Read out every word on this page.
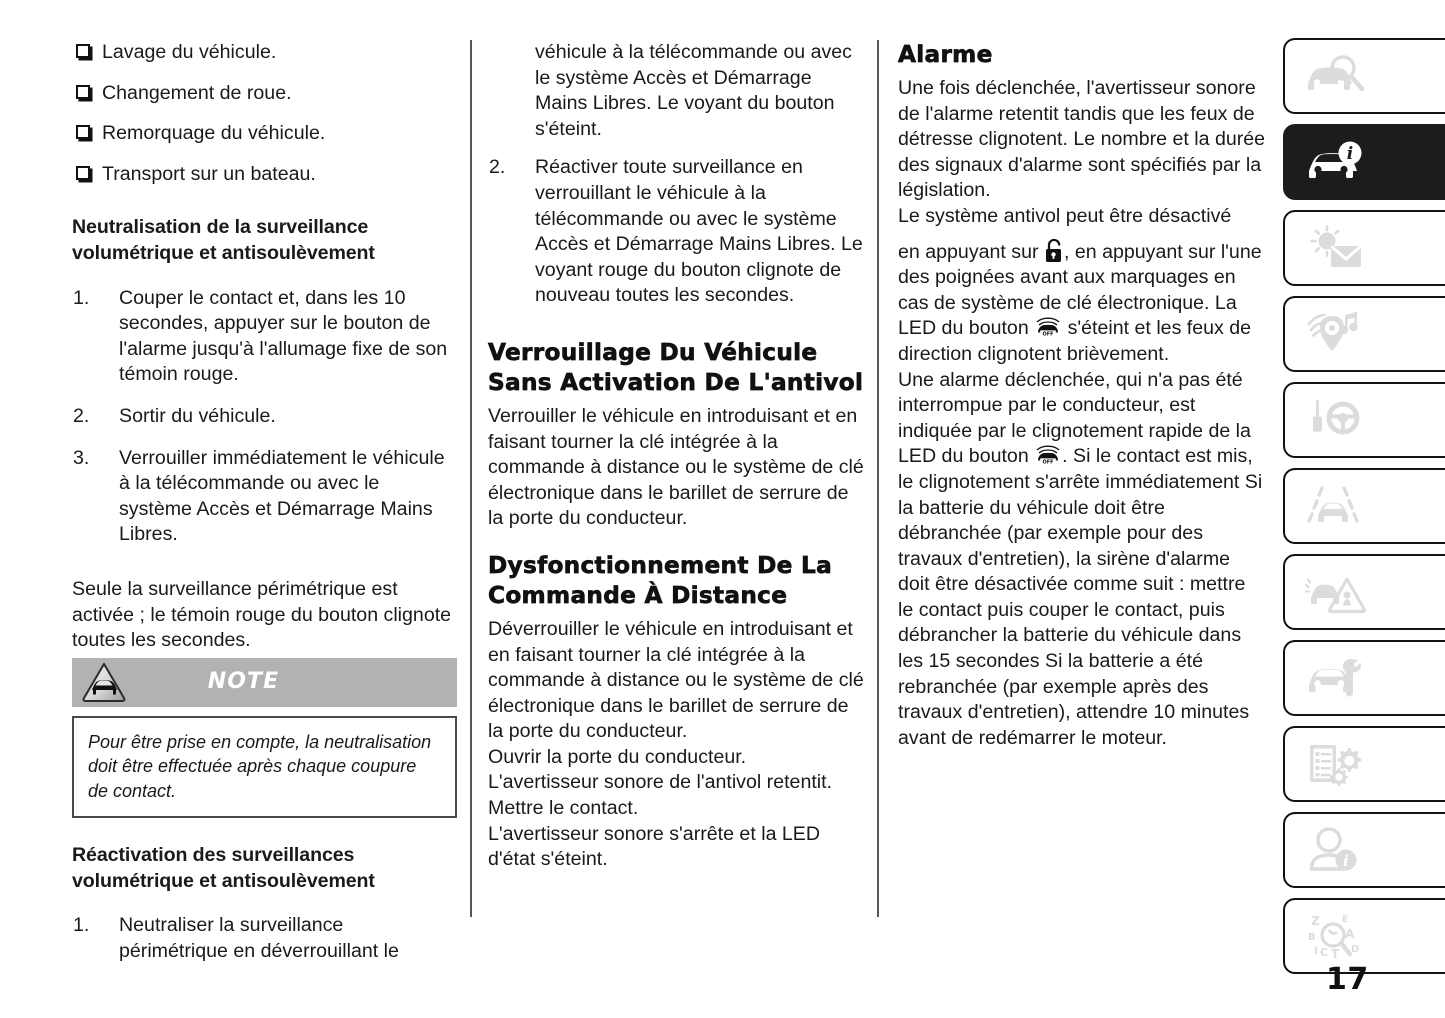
Lavage du véhicule.
Changement de roue.
Remorquage du véhicule.
Transport sur un bateau.

Neutralisation de la surveillance volumétrique et antisoulèvement

1.	Couper le contact et, dans les 10 secondes, appuyer sur le bouton de l'alarme jusqu'à l'allumage fixe de son témoin rouge.
2.	Sortir du véhicule.
3.	Verrouiller immédiatement le véhicule à la télécommande ou avec le système Accès et Démarrage Mains Libres.

Seule la surveillance périmétrique est activée ; le témoin rouge du bouton clignote toutes les secondes.

NOTE
Pour être prise en compte, la neutralisation doit être effectuée après chaque coupure de contact.

Réactivation des surveillances volumétrique et antisoulèvement

1.	Neutraliser la surveillance périmétrique en déverrouillant le

véhicule à la télécommande ou avec le système Accès et Démarrage Mains Libres. Le voyant du bouton s'éteint.

2.	Réactiver toute surveillance en verrouillant le véhicule à la télécommande ou avec le système Accès et Démarrage Mains Libres. Le voyant rouge du bouton clignote de nouveau toutes les secondes.
Verrouillage Du Véhicule Sans Activation De L'antivol

Verrouiller le véhicule en introduisant et en faisant tourner la clé intégrée à la commande à distance ou le système de clé électronique dans le barillet de serrure de la porte du conducteur.

Dysfonctionnement De La Commande À Distance

Déverrouiller le véhicule en introduisant et en faisant tourner la clé intégrée à la commande à distance ou le système de clé électronique dans le barillet de serrure de la porte du conducteur.

Ouvrir la porte du conducteur.

L'avertisseur sonore de l'antivol retentit.

Mettre le contact.

L'avertisseur sonore s'arrête et la LED d'état s'éteint.

Alarme

Une fois déclenchée, l'avertisseur sonore de l'alarme retentit tandis que les feux de détresse clignotent. Le nombre et la durée des signaux d'alarme sont spécifiés par la législation.

Le système antivol peut être désactivé

en appuyant sur , en appuyant sur l'une des poignées avant aux marquages en cas de système de clé électronique. La LED du bouton OFF s'éteint et les feux de direction clignotent brièvement.

Une alarme déclenchée, qui n'a pas été interrompue par le conducteur, est indiquée par le clignotement rapide de la LED du bouton OFF . Si le contact est mis, le clignotement s'arrête immédiatement Si la batterie du véhicule doit être débranchée (par exemple pour des travaux d'entretien), la sirène d'alarme doit être désactivée comme suit : mettre le contact puis couper le contact, puis débrancher la batterie du véhicule dans les 15 secondes Si la batterie a été rebranchée (par exemple après des travaux d'entretien), attendre 10 minutes avant de redémarrer le moteur.

i
i
Z
B
I C T
E
A
D
17
